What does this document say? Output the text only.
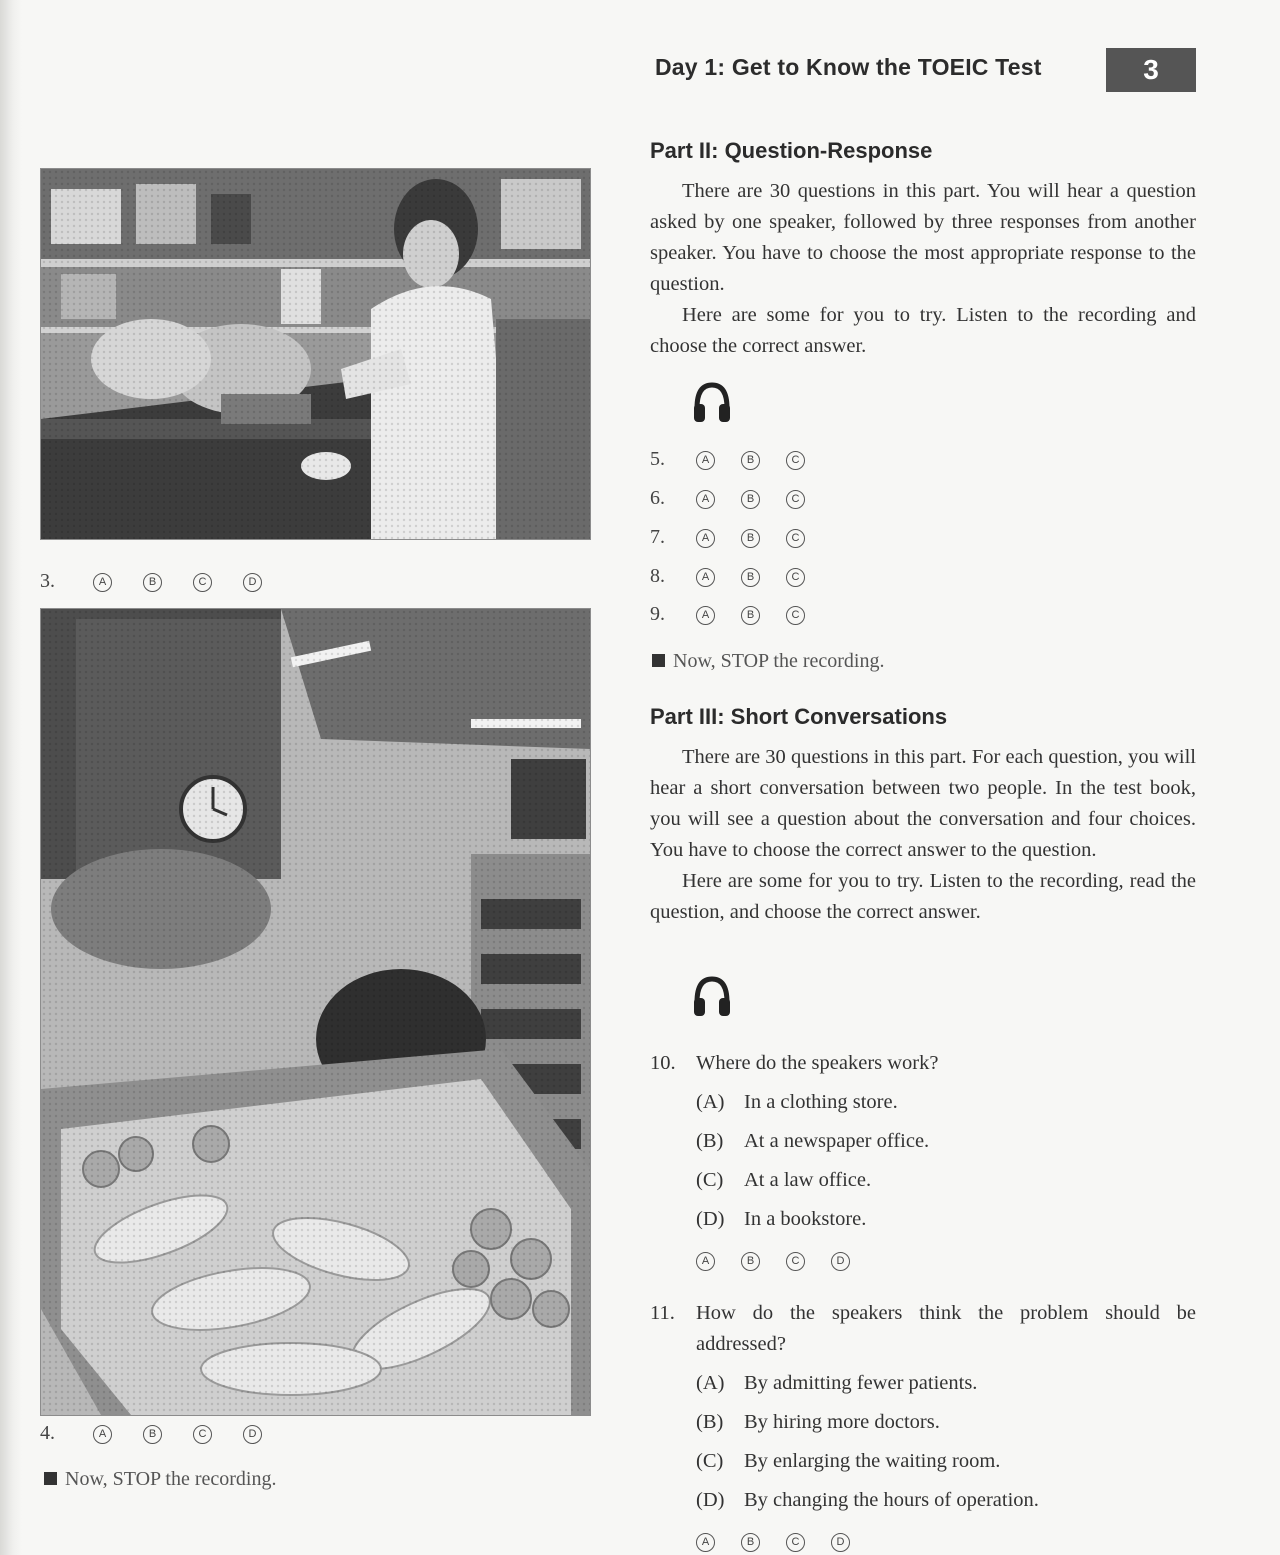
Day 1: Get to Know the TOEIC Test	3
3.	A	B	C	D
4.	A	B	C	D
Now, STOP the recording.
Part II: Question-Response

There are 30 questions in this part. You will hear a question asked by one speaker, followed by three responses from another speaker. You have to choose the most appropriate response to the question.

Here are some for you to try. Listen to the recording and choose the correct answer.

5.	A	B	C
6.	A	B	C
7.	A	B	C
8.	A	B	C
9.	A	B	C
Now, STOP the recording.
Part III: Short Conversations

There are 30 questions in this part. For each question, you will hear a short conversation between two people. In the test book, you will see a question about the conversation and four choices. You have to choose the correct answer to the question.

Here are some for you to try. Listen to the recording, read the question, and choose the correct answer.

10. Where do the speakers work?
(A) In a clothing store.
(B)	At a newspaper office.
(C)	At a law office.
(D) In a bookstore.
A	B	C	D
11.	How do the speakers think the problem should be addressed?
(A) By admitting fewer patients.
(B)	By hiring more doctors.
(C)	By enlarging the waiting room.
(D) By changing the hours of operation.
A	B	C	D
